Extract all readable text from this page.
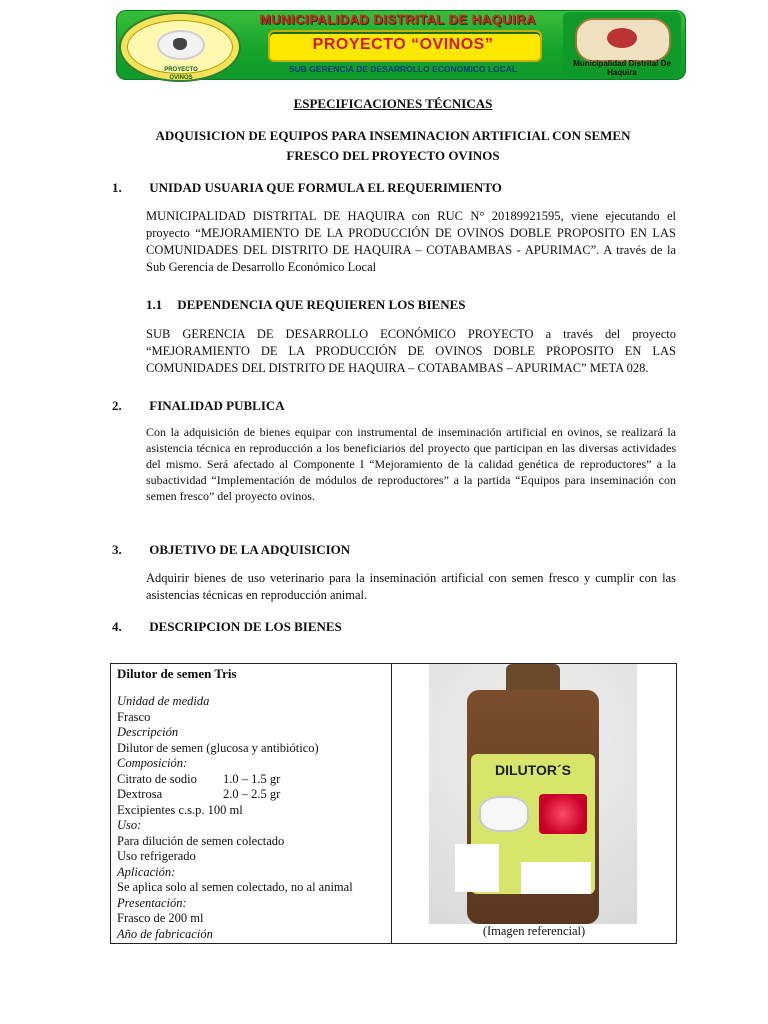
PROYECTO OVINOS
MUNICIPALIDAD DISTRITAL DE HAQUIRA
PROYECTO “OVINOS”
SUB GERENCIA DE DESARROLLO ECONOMICO LOCAL
Municipalidad Distrital De Haquira
ESPECIFICACIONES TÉCNICAS
ADQUISICION DE EQUIPOS PARA INSEMINACION ARTIFICIAL CON SEMEN
FRESCO DEL PROYECTO OVINOS
1. UNIDAD USUARIA QUE FORMULA EL REQUERIMIENTO
MUNICIPALIDAD DISTRITAL DE HAQUIRA con RUC N° 20189921595, viene ejecutando el proyecto “MEJORAMIENTO DE LA PRODUCCIÓN DE OVINOS DOBLE PROPOSITO EN LAS COMUNIDADES DEL DISTRITO DE HAQUIRA – COTABAMBAS - APURIMAC”. A través de la Sub Gerencia de Desarrollo Económico Local
1.1 DEPENDENCIA QUE REQUIEREN LOS BIENES
SUB GERENCIA DE DESARROLLO ECONÓMICO PROYECTO a través del proyecto “MEJORAMIENTO DE LA PRODUCCIÓN DE OVINOS DOBLE PROPOSITO EN LAS COMUNIDADES DEL DISTRITO DE HAQUIRA – COTABAMBAS – APURIMAC” META 028.
2. FINALIDAD PUBLICA
Con la adquisición de bienes equipar con instrumental de inseminación artificial en ovinos, se realizará la asistencia técnica en reproducción a los beneficiarios del proyecto que participan en las diversas actividades del mismo. Será afectado al Componente I “Mejoramiento de la calidad genética de reproductores” a la subactividad “Implementación de módulos de reproductores” a la partida “Equipos para inseminación con semen fresco” del proyecto ovinos.
3. OBJETIVO DE LA ADQUISICION
Adquirir bienes de uso veterinario para la inseminación artificial con semen fresco y cumplir con las asistencias técnicas en reproducción animal.
4. DESCRIPCION DE LOS BIENES
Dilutor de semen Tris
Unidad de medida
Frasco
Descripción
Dilutor de semen (glucosa y antibiótico)
Composición:
Citrato de sodio 1.0 – 1.5 gr
Dextrosa	2.0 – 2.5 gr
Excipientes c.s.p. 100 ml
Uso:
Para dilución de semen colectado
Uso refrigerado
Aplicación:
Se aplica solo al semen colectado, no al animal
Presentación:
Frasco de 200 ml
Año de fabricación

DILUTOR´S
(Imagen referencial)
